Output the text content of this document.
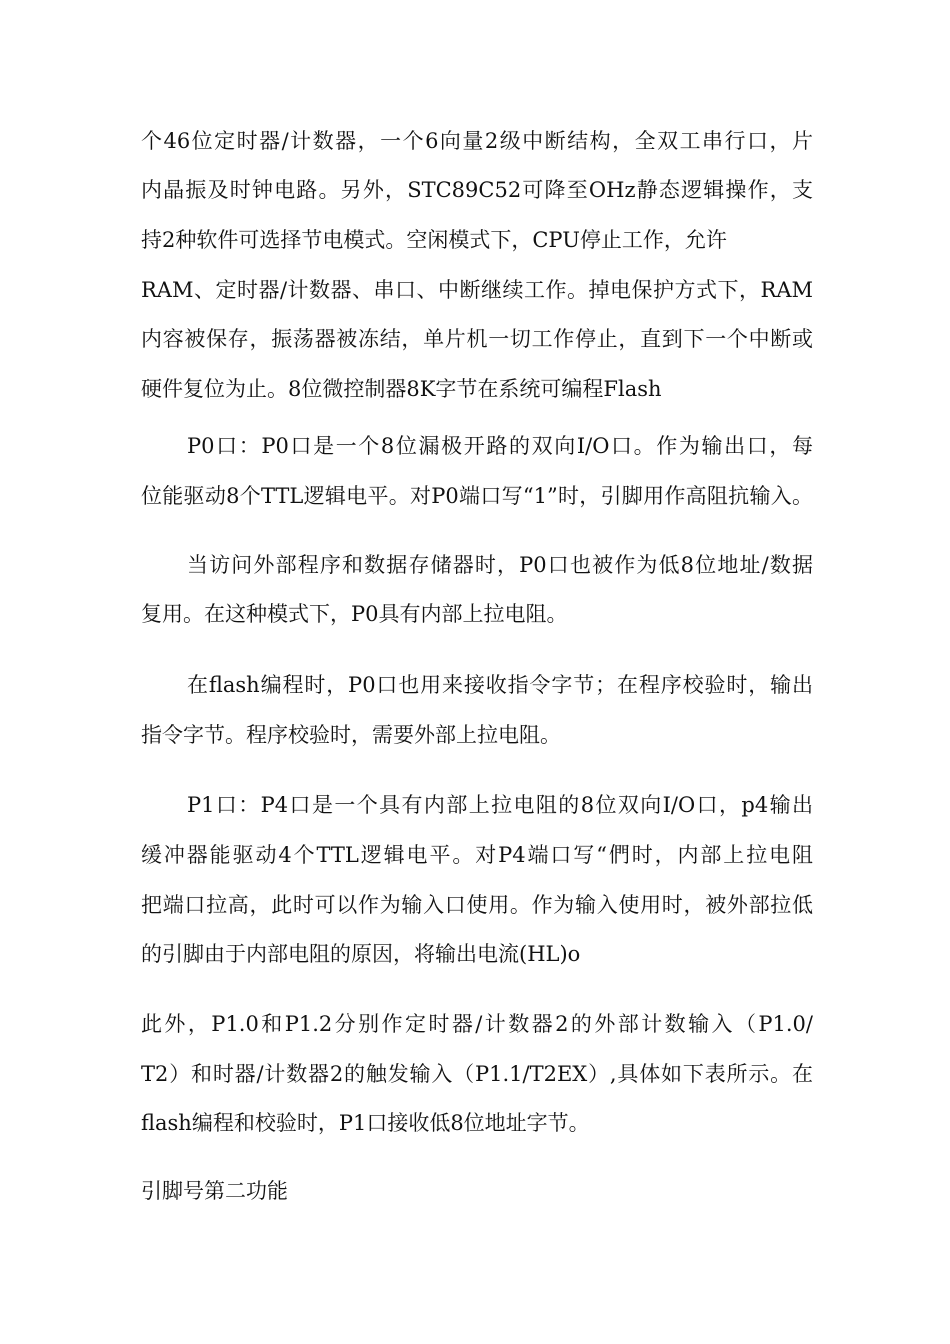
个46位定时器/计数器，一个6向量2级中断结构，全双工串行口，片
内晶振及时钟电路。另外，STC89C52可降至OHz静态逻辑操作，支
持2种软件可选择节电模式。空闲模式下，CPU停止工作，允许
RAM、定时器/计数器、串口、中断继续工作。掉电保护方式下，RAM
内容被保存，振荡器被冻结，单片机一切工作停止，直到下一个中断或
硬件复位为止。8位微控制器8K字节在系统可编程Flash
P0口：P0口是一个8位漏极开路的双向I/O口。作为输出口，每
位能驱动8个TTL逻辑电平。对P0端口写“1”时，引脚用作高阻抗输入。
当访问外部程序和数据存储器时，P0口也被作为低8位地址/数据
复用。在这种模式下，P0具有内部上拉电阻。
在flash编程时，P0口也用来接收指令字节；在程序校验时，输出
指令字节。程序校验时，需要外部上拉电阻。
P1口：P4口是一个具有内部上拉电阻的8位双向I/O口，p4输出
缓冲器能驱动4个TTL逻辑电平。对P4端口写“們时，内部上拉电阻
把端口拉高，此时可以作为输入口使用。作为输入使用时，被外部拉低
的引脚由于内部电阻的原因，将输出电流(HL)o
此外，P1.0和P1.2分别作定时器/计数器2的外部计数输入（P1.0/
T2）和时器/计数器2的触发输入（P1.1/T2EX）,具体如下表所示。在
flash编程和校验时，P1口接收低8位地址字节。
引脚号第二功能
